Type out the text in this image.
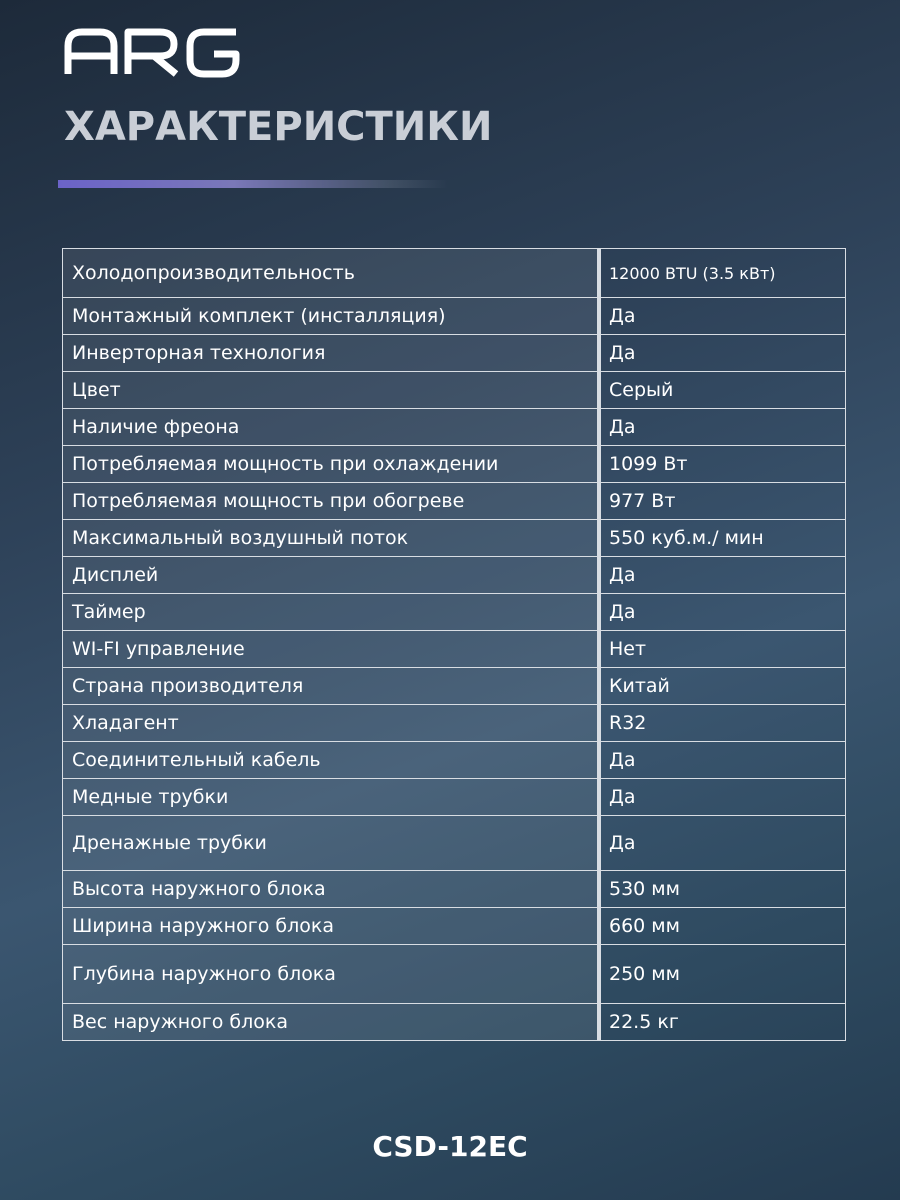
ХАРАКТЕРИСТИКИ
Холодопроизводительность	12000 BTU (3.5 кВт)
Монтажный комплект (инсталляция)	Да
Инверторная технология	Да
Цвет	Серый
Наличие фреона	Да
Потребляемая мощность при охлаждении	1099 Вт
Потребляемая мощность при обогреве	977 Вт
Максимальный воздушный поток	550 куб.м./ мин
Дисплей	Да
Таймер	Да
WI-FI управление	Нет
Страна производителя	Китай
Хладагент	R32
Соединительный кабель	Да
Медные трубки	Да
Дренажные трубки	Да
Высота наружного блока	530 мм
Ширина наружного блока	660 мм
Глубина наружного блока	250 мм
Вес наружного блока	22.5 кг
CSD-12EC
